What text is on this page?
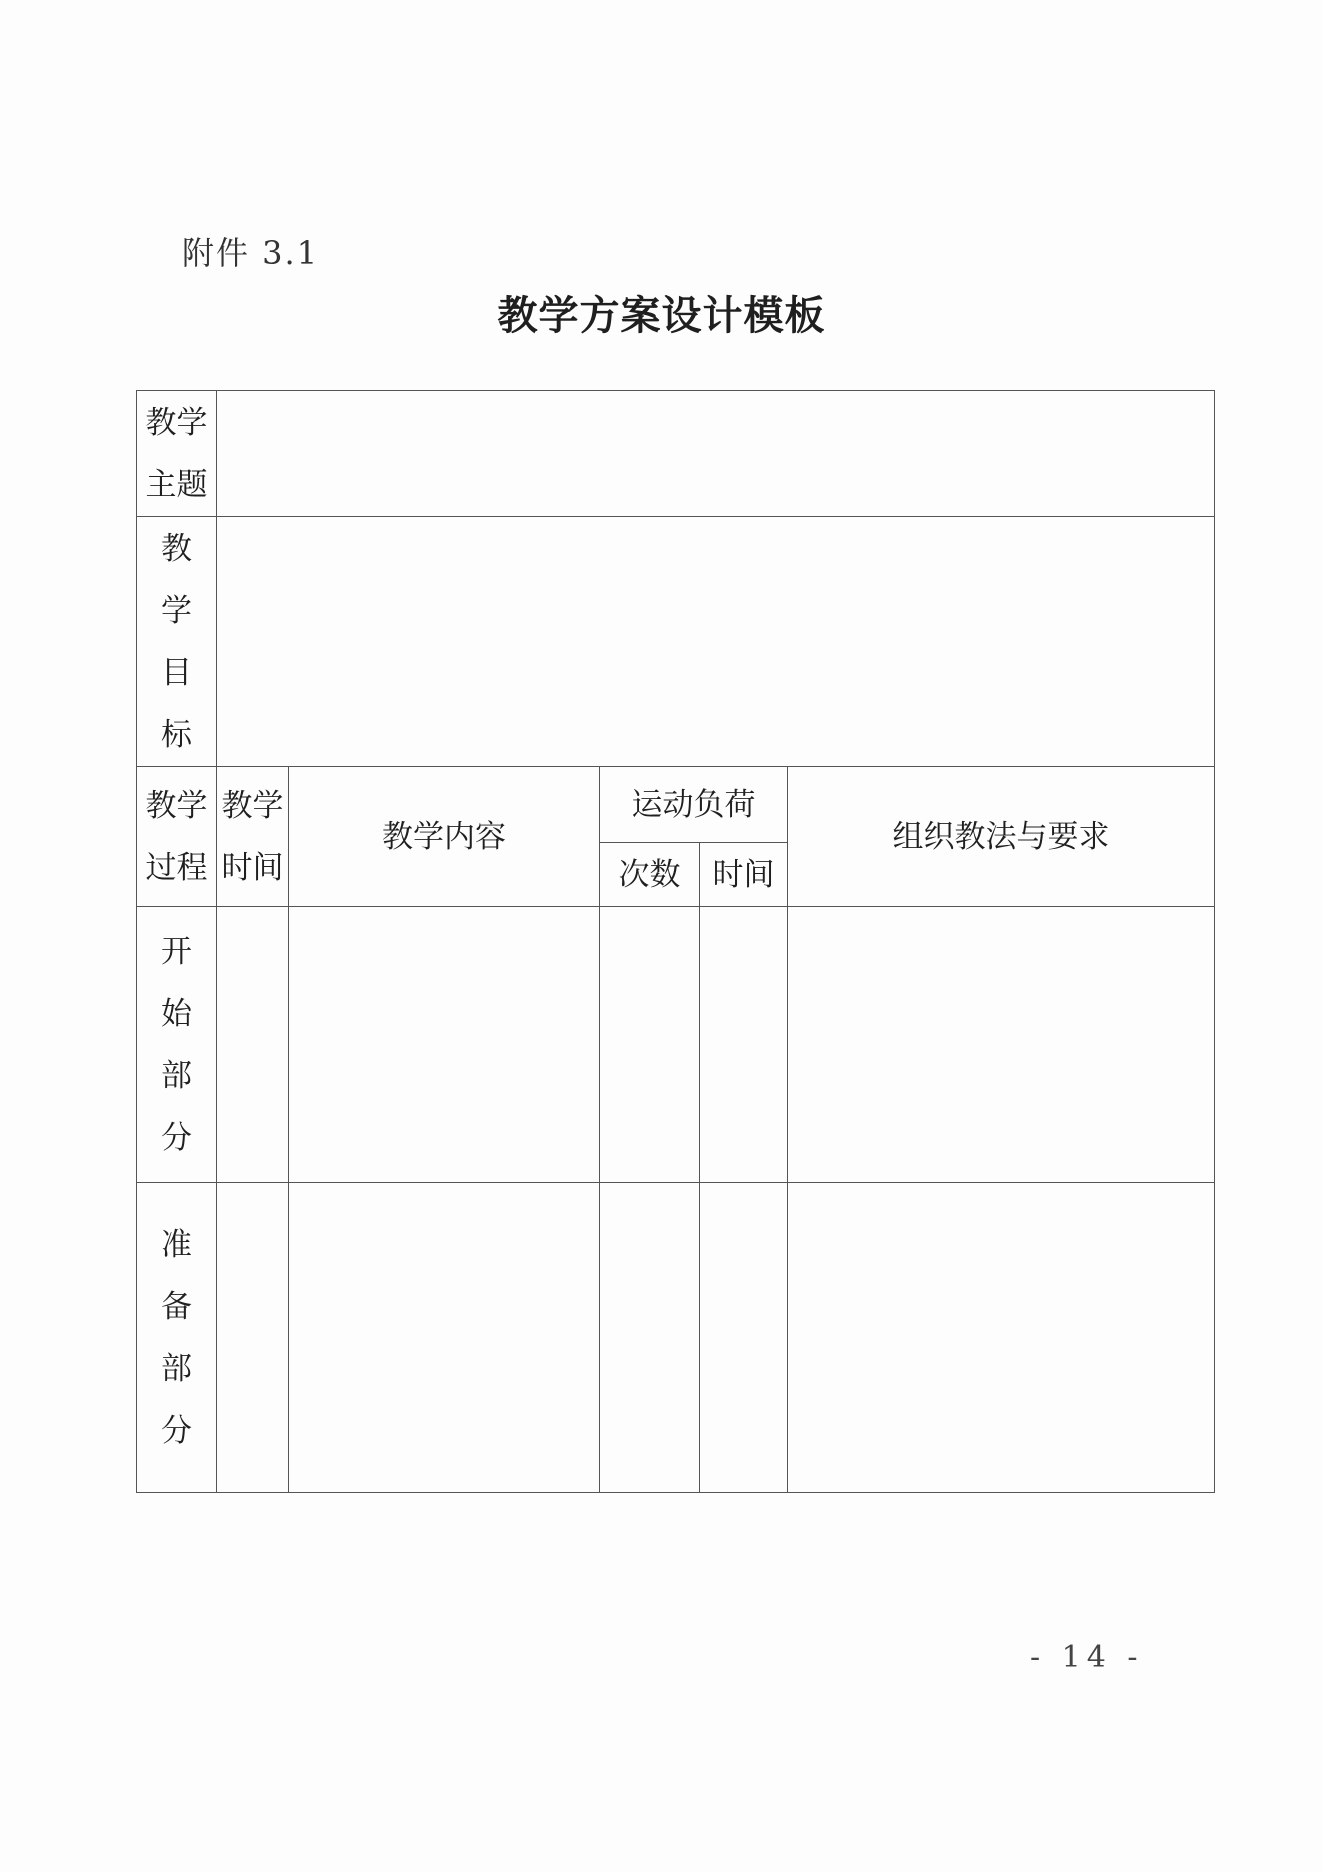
附件 3.1
教学方案设计模板
教学主题					

教学目标					

教学过程	教学时间	教学内容	运动负荷		组织教法与要求

			次数	时间	

开始部分					

准备部分					

- 14 -
